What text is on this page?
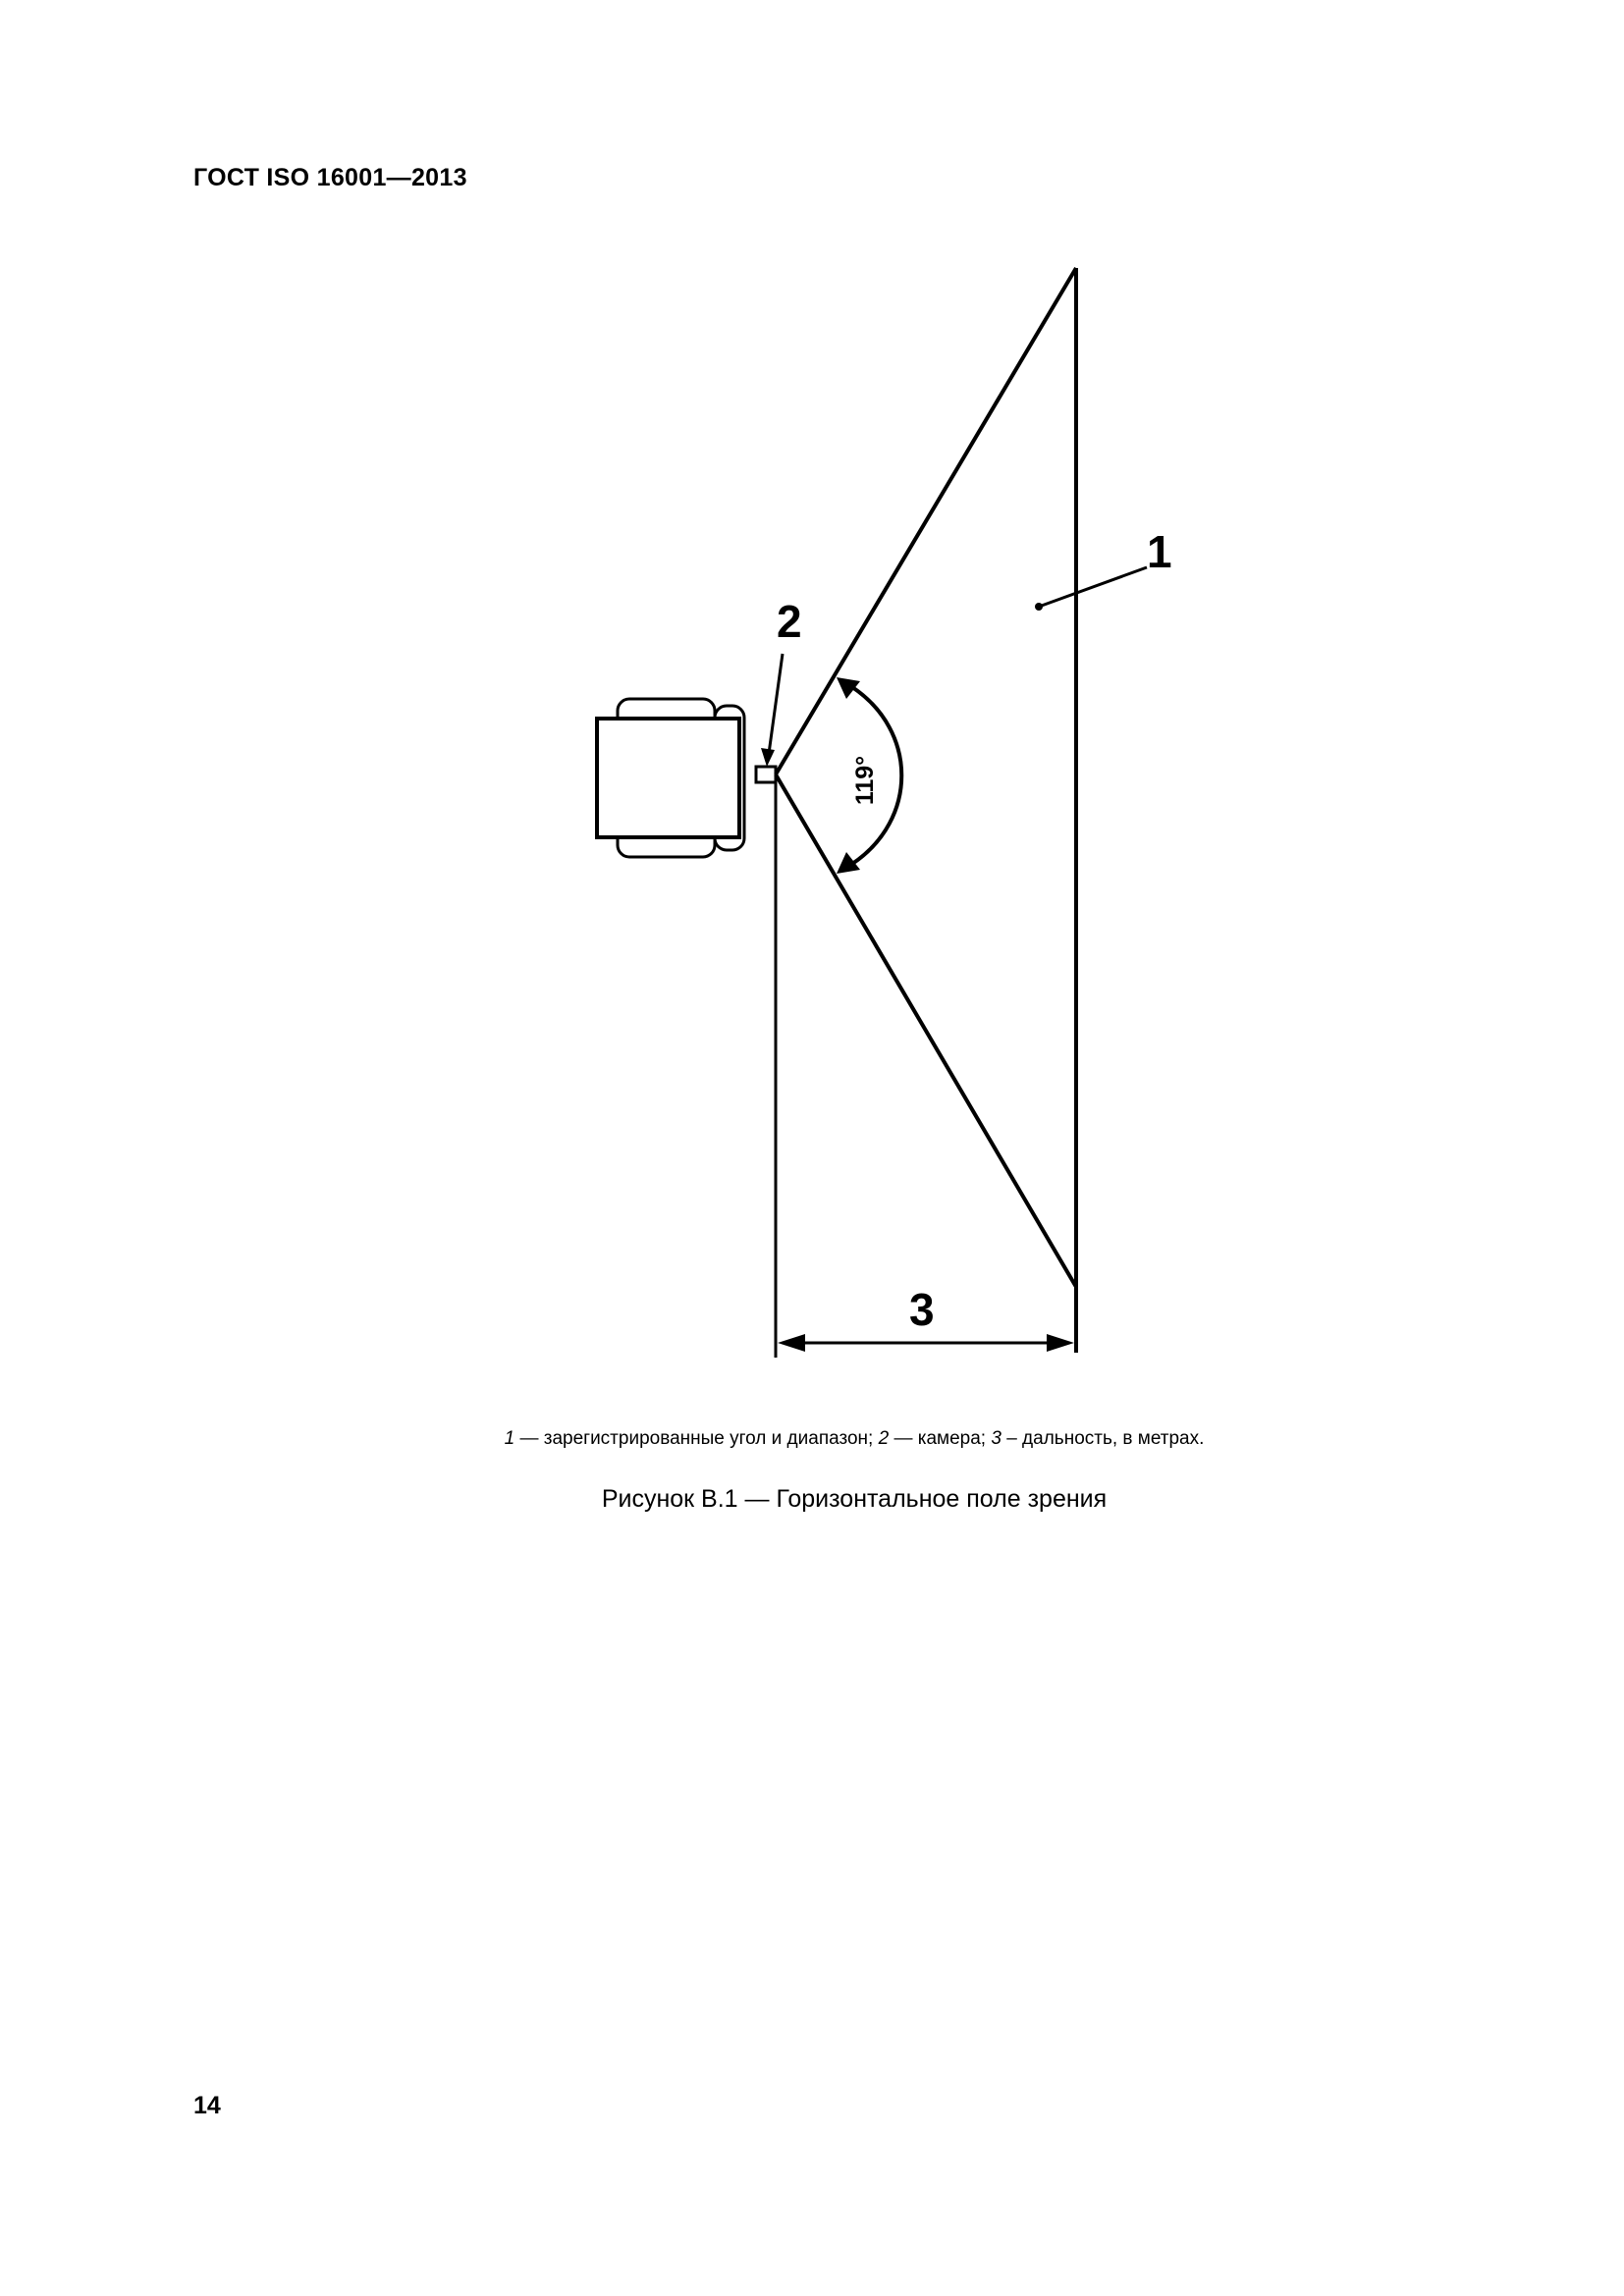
ГОСТ ISO 16001—2013
119°
1
2
3
1 — зарегистрированные угол и диапазон; 2 — камера; 3 – дальность, в метрах.
Рисунок В.1 — Горизонтальное поле зрения
14
